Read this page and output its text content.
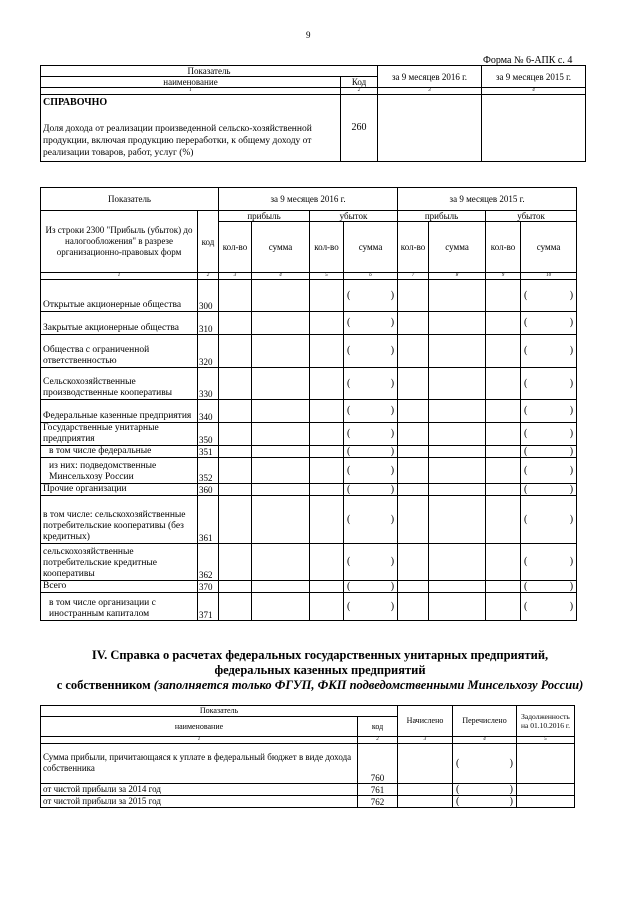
9
Форма № 6-АПК с. 4
Показатель		за 9 месяцев 2016 г.	за 9 месяцев 2015 г.
наименование	Код		
1	2	3	4

СПРАВОЧНО
Доля дохода от реализации произведенной сельско-хозяйственной продукции, включая продукцию переработки, к общему доходу от реализации товаров, работ, услуг (%)	260		
Показатель		за 9 месяцев 2016 г.				за 9 месяцев 2015 г.			
Из строки 2300 "Прибыль (убыток) до налогообложения" в разрезе организационно-правовых форм	код	прибыль		убыток		прибыль		убыток	
		кол-во	сумма	кол-во	сумма	кол-во	сумма	кол-во	сумма
1	2	3	4	5	6	7	8	9	10
Открытые акционерные общества	300				( )				( )

Закрытые акционерные общества	310				( )				( )

Общества с ограниченной ответственностью	320				( )				( )

Сельскохозяйственные производственные кооперативы	330				( )				( )

Федеральные казенные предприятия	340				( )				( )

Государственные унитарные предприятия	350				( )				( )

в том числе федеральные	351				( )				( )

из них: подведомственные Минсельхозу России	352				( )				( )

Прочие организации	360				( )				( )

в том числе: сельскохозяйственные потребительские кооперативы (без кредитных)	361				( )				( )

сельскохозяйственные потребительские кредитные кооперативы	362				( )				( )

Всего	370				( )				( )

в том числе организации с иностранным капиталом	371				( )				( )
IV. Справка о расчетах федеральных государственных унитарных предприятий,
федеральных казенных предприятий
с собственником (заполняется только ФГУП, ФКП подведомственными Минсельхозу России)
Показатель		Начислено	Перечислено	Задолженность на 01.10.2016 г.
наименование	код			
1	2	3	4	5
Сумма прибыли, причитающаяся к уплате в федеральный бюджет в виде дохода собственника	760		( )	

от чистой прибыли за 2014 год	761		( )	

от чистой прибыли за 2015 год	762		( )	
